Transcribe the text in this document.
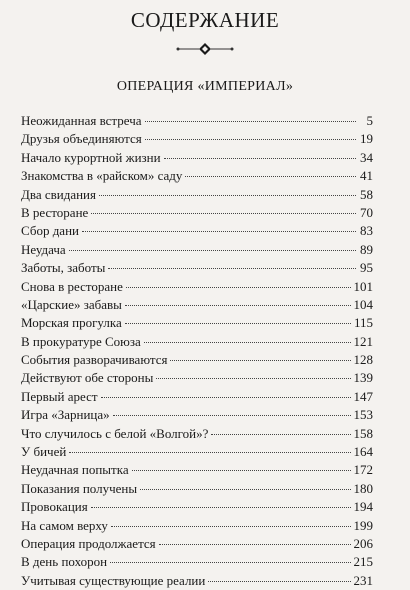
СОДЕРЖАНИЕ
ОПЕРАЦИЯ «ИМПЕРИАЛ»
Неожиданная встреча	5
Друзья объединяются	19
Начало курортной жизни	34
Знакомства в «райском» саду	41
Два свидания	58
В ресторане	70
Сбор дани	83
Неудача	89
Заботы, заботы	95
Снова в ресторане	101
«Царские» забавы	104
Морская прогулка	115
В прокуратуре Союза	121
События разворачиваются	128
Действуют обе стороны	139
Первый арест	147
Игра «Зарница»	153
Что случилось с белой «Волгой»?	158
У бичей	164
Неудачная попытка	172
Показания получены	180
Провокация	194
На самом верху	199
Операция продолжается	206
В день похорон	215
Учитывая существующие реалии	231
